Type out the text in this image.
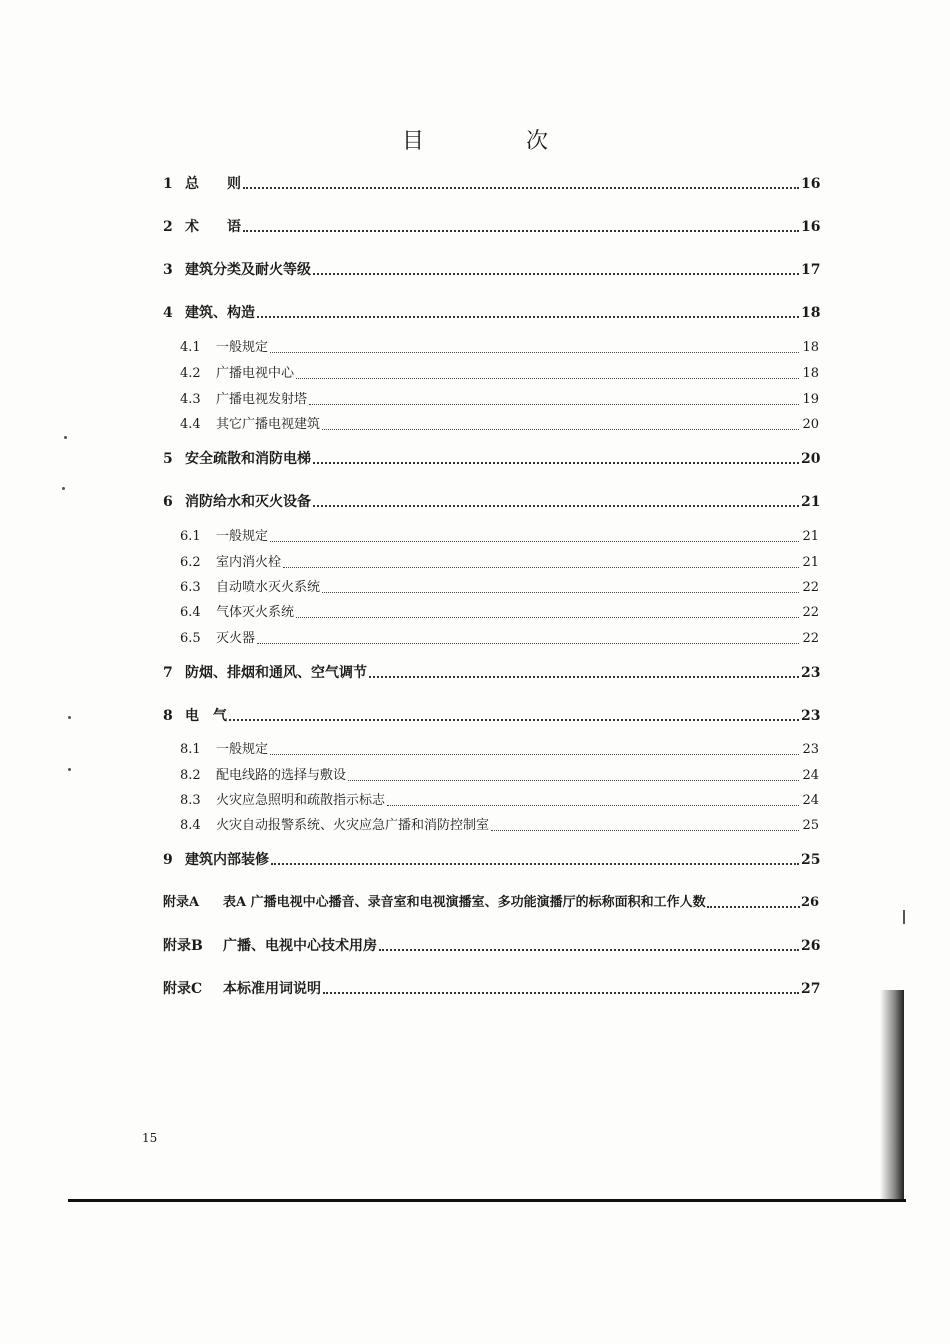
目　次
1 总　　则	16
2 术　　语	16
3 建筑分类及耐火等级	17
4 建筑、构造	18
4.1	一般规定	18
4.2	广播电视中心	18
4.3	广播电视发射塔	19
4.4	其它广播电视建筑	20
5 安全疏散和消防电梯	20
6 消防给水和灭火设备	21
6.1	一般规定	21
6.2	室内消火栓	21
6.3	自动喷水灭火系统	22
6.4	气体灭火系统	22
6.5	灭火器	22
7 防烟、排烟和通风、空气调节	23
8 电　气	23
8.1	一般规定	23
8.2	配电线路的选择与敷设	24
8.3	火灾应急照明和疏散指示标志	24
8.4	火灾自动报警系统、火灾应急广播和消防控制室	25
9 建筑内部装修	25
附录A	表A 广播电视中心播音、录音室和电视演播室、多功能演播厅的标称面积和工作人数	26
附录B	广播、电视中心技术用房	26
附录C	本标准用词说明	27
15
